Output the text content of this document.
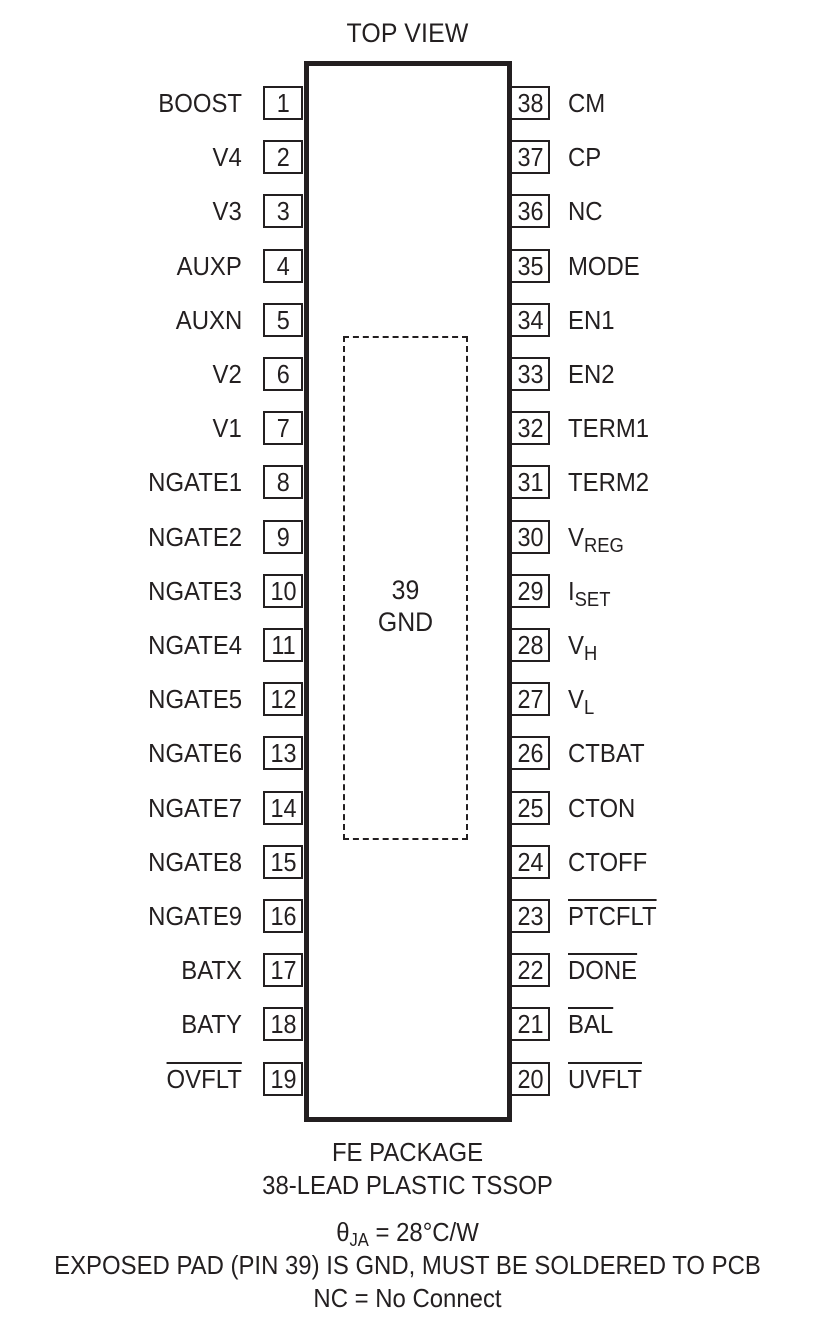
TOP VIEW
39
GND
1
BOOST
2
V4
3
V3
4
AUXP
5
AUXN
6
V2
7
V1
8
NGATE1
9
NGATE2
10
NGATE3
11
NGATE4
12
NGATE5
13
NGATE6
14
NGATE7
15
NGATE8
16
NGATE9
17
BATX
18
BATY
19
OVFLT
38 CM
37 CP
36 NC
35 MODE
34 EN1
33 EN2
32 TERM1
31 TERM2
30 $V_{REG}$
29 $I_{SET}$
28 $V_H$
27 $V_L$
26 CTBAT
25 CTON
24 CTOFF
23 PTCFLT
22 DONE
21 $\overline{BAL}$
20 UVFLT
FE PACKAGE
38-LEAD PLASTIC TSSOP
$\theta_{JA} = 28^\circ C/W$
EXPOSED PAD (PIN 39) IS GND, MUST BE SOLDERED TO PCB
NC = No Connect
